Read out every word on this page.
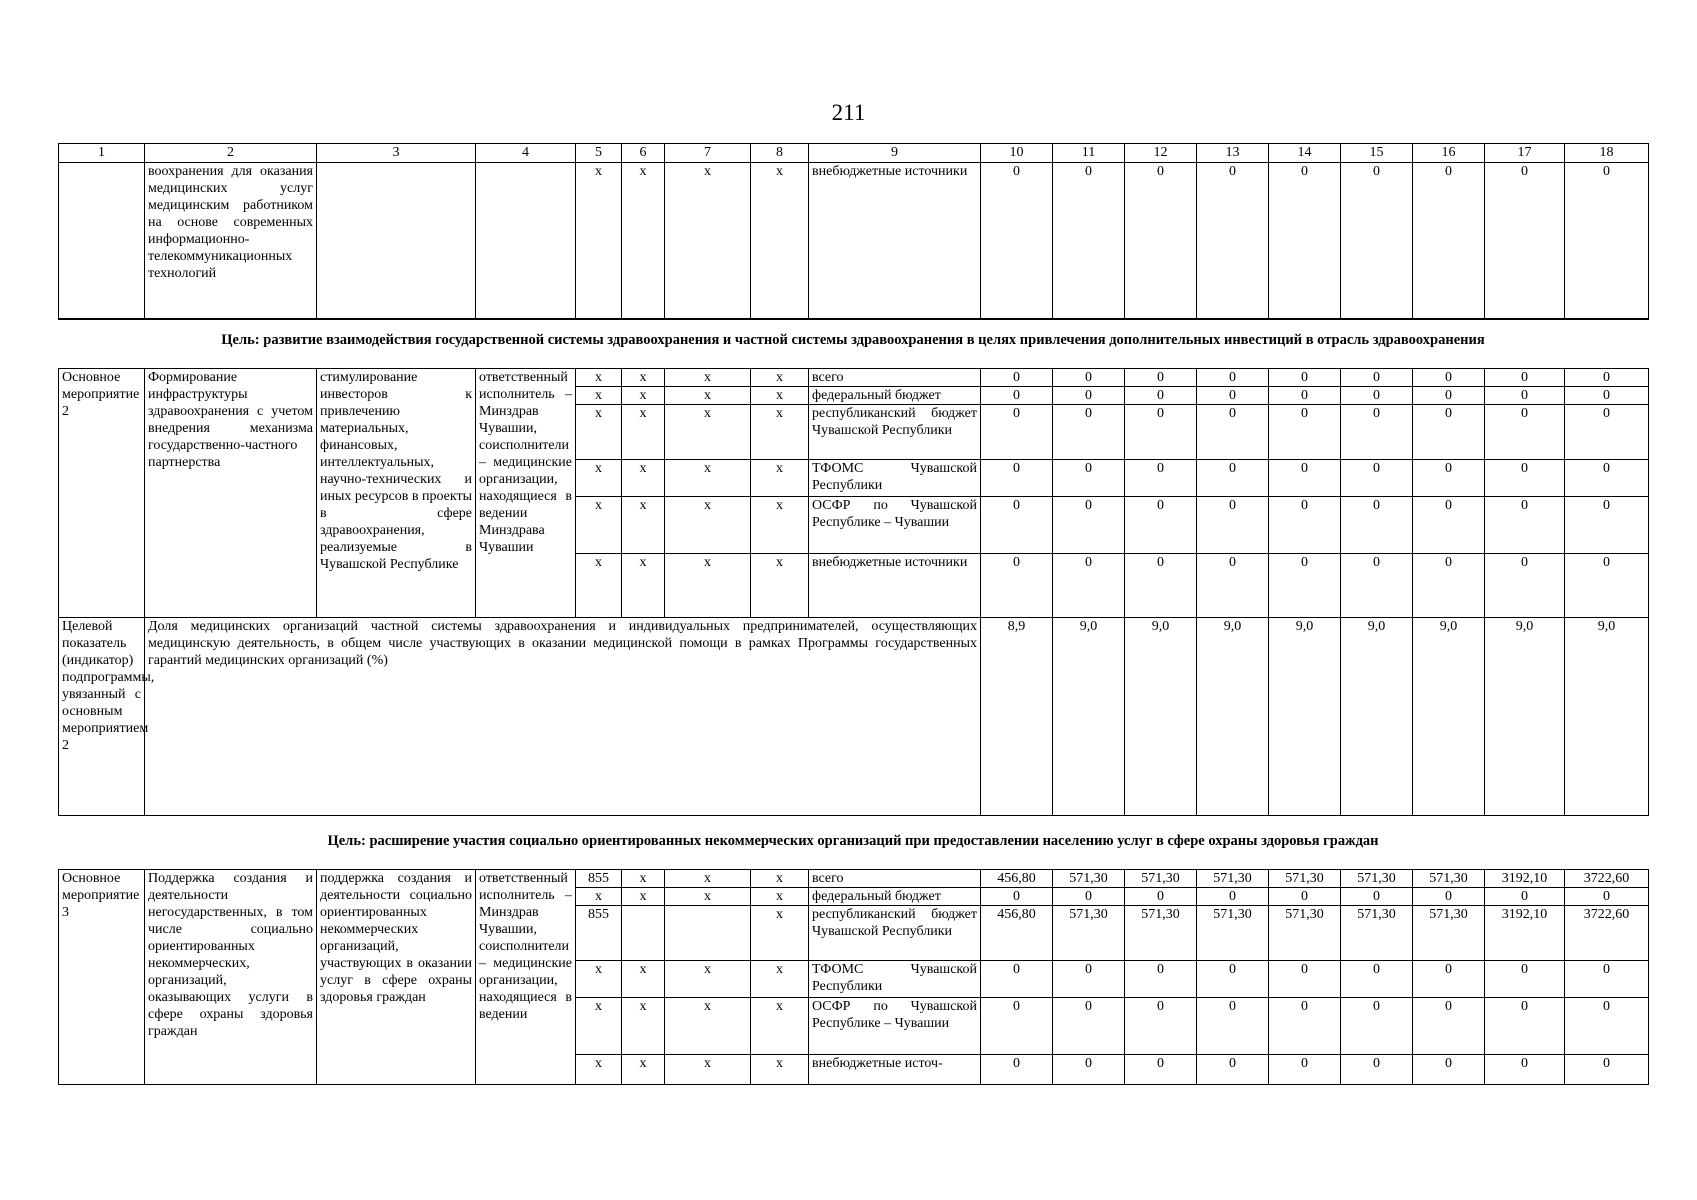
211
1	2	3	4	5	6	7	8	9	10	11	12	13	14	15	16	17	18
	воохранения для оказания медицинских услуг медицинским работником на основе современных информационно-телекоммуникационных технологий			x	x	x	x	внебюджетные источники	0	0	0	0	0	0	0	0	0
Цель: развитие взаимодействия государственной системы здравоохранения и частной системы здравоохранения в целях привлечения дополнительных инвестиций в отрасль здравоохранения
Основное мероприятие 2	Формирование инфраструктуры здравоохранения с учетом внедрения механизма государственно-частного партнерства	стимулирование инвесторов к привлечению материальных, финансовых, интеллектуальных, научно-технических и иных ресурсов в проекты в сфере здравоохранения, реализуемые в Чувашской Республике	ответственный исполнитель – Минздрав Чувашии, соисполнители – медицинские организации, находящиеся в ведении Минздрава Чувашии	x	x	x	x	всего	0	0	0	0	0	0	0	0	0
				x	x	x	x	федеральный бюджет	0	0	0	0	0	0	0	0	0
				x	x	x	x	республиканский бюджет Чувашской Республики	0	0	0	0	0	0	0	0	0
				x	x	x	x	ТФОМС Чувашской Республики	0	0	0	0	0	0	0	0	0
				x	x	x	x	ОСФР по Чувашской Республике – Чувашии	0	0	0	0	0	0	0	0	0
				x	x	x	x	внебюджетные источники	0	0	0	0	0	0	0	0	0
Целевой показатель (индикатор) подпрограммы, увязанный с основным мероприятием 2	Доля медицинских организаций частной системы здравоохранения и индивидуальных предпринимателей, осуществляющих медицинскую деятельность, в общем числе участвующих в оказании медицинской помощи в рамках Программы государственных гарантий медицинских организаций (%)								8,9	9,0	9,0	9,0	9,0	9,0	9,0	9,0	9,0
Цель: расширение участия социально ориентированных некоммерческих организаций при предоставлении населению услуг в сфере охраны здоровья граждан
Основное мероприятие 3	Поддержка создания и деятельности негосударственных, в том числе социально ориентированных некоммерческих, организаций, оказывающих услуги в сфере охраны здоровья граждан	поддержка создания и деятельности социально ориентированных некоммерческих организаций, участвующих в оказании услуг в сфере охраны здоровья граждан	ответственный исполнитель – Минздрав Чувашии, соисполнители – медицинские организации, находящиеся в ведении	855	x	x	x	всего	456,80	571,30	571,30	571,30	571,30	571,30	571,30	3192,10	3722,60
				x	x	x	x	федеральный бюджет	0	0	0	0	0	0	0	0	0
				855			x	республиканский бюджет Чувашской Республики	456,80	571,30	571,30	571,30	571,30	571,30	571,30	3192,10	3722,60
				x	x	x	x	ТФОМС Чувашской Республики	0	0	0	0	0	0	0	0	0
				x	x	x	x	ОСФР по Чувашской Республике – Чувашии	0	0	0	0	0	0	0	0	0
				x	x	x	x	внебюджетные источ-	0	0	0	0	0	0	0	0	0
